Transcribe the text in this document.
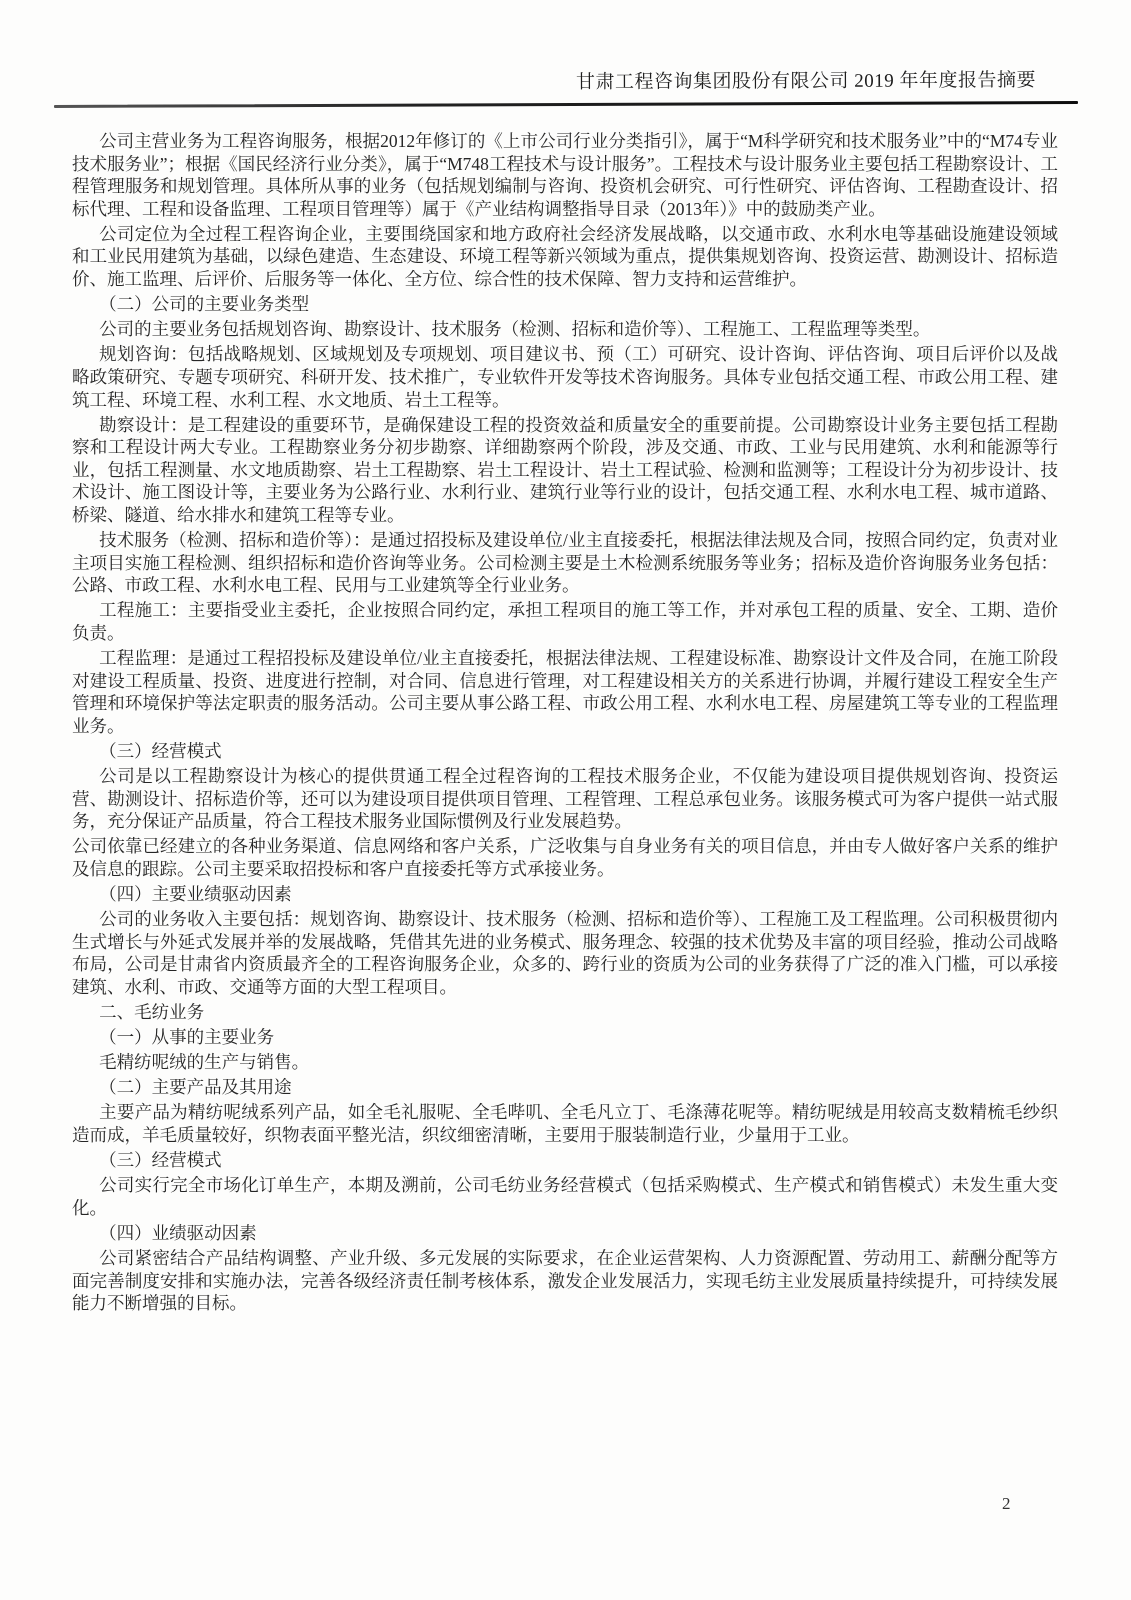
甘肃工程咨询集团股份有限公司 2019 年年度报告摘要

公司主营业务为工程咨询服务，根据2012年修订的《上市公司行业分类指引》，属于“M科学研究和技术服务业”中的“M74专业技术服务业”；根据《国民经济行业分类》，属于“M748工程技术与设计服务”。工程技术与设计服务业主要包括工程勘察设计、工程管理服务和规划管理。具体所从事的业务（包括规划编制与咨询、投资机会研究、可行性研究、评估咨询、工程勘查设计、招标代理、工程和设备监理、工程项目管理等）属于《产业结构调整指导目录（2013年）》中的鼓励类产业。

公司定位为全过程工程咨询企业，主要围绕国家和地方政府社会经济发展战略，以交通市政、水利水电等基础设施建设领域和工业民用建筑为基础，以绿色建造、生态建设、环境工程等新兴领域为重点，提供集规划咨询、投资运营、勘测设计、招标造价、施工监理、后评价、后服务等一体化、全方位、综合性的技术保障、智力支持和运营维护。

（二）公司的主要业务类型

公司的主要业务包括规划咨询、勘察设计、技术服务（检测、招标和造价等）、工程施工、工程监理等类型。

规划咨询：包括战略规划、区域规划及专项规划、项目建议书、预（工）可研究、设计咨询、评估咨询、项目后评价以及战略政策研究、专题专项研究、科研开发、技术推广，专业软件开发等技术咨询服务。具体专业包括交通工程、市政公用工程、建筑工程、环境工程、水利工程、水文地质、岩土工程等。

勘察设计：是工程建设的重要环节，是确保建设工程的投资效益和质量安全的重要前提。公司勘察设计业务主要包括工程勘察和工程设计两大专业。工程勘察业务分初步勘察、详细勘察两个阶段，涉及交通、市政、工业与民用建筑、水利和能源等行业，包括工程测量、水文地质勘察、岩土工程勘察、岩土工程设计、岩土工程试验、检测和监测等；工程设计分为初步设计、技术设计、施工图设计等，主要业务为公路行业、水利行业、建筑行业等行业的设计，包括交通工程、水利水电工程、城市道路、桥梁、隧道、给水排水和建筑工程等专业。

技术服务（检测、招标和造价等）：是通过招投标及建设单位/业主直接委托，根据法律法规及合同，按照合同约定，负责对业主项目实施工程检测、组织招标和造价咨询等业务。公司检测主要是土木检测系统服务等业务；招标及造价咨询服务业务包括：公路、市政工程、水利水电工程、民用与工业建筑等全行业业务。

工程施工：主要指受业主委托，企业按照合同约定，承担工程项目的施工等工作，并对承包工程的质量、安全、工期、造价负责。

工程监理：是通过工程招投标及建设单位/业主直接委托，根据法律法规、工程建设标准、勘察设计文件及合同，在施工阶段对建设工程质量、投资、进度进行控制，对合同、信息进行管理，对工程建设相关方的关系进行协调，并履行建设工程安全生产管理和环境保护等法定职责的服务活动。公司主要从事公路工程、市政公用工程、水利水电工程、房屋建筑工等专业的工程监理业务。

（三）经营模式

公司是以工程勘察设计为核心的提供贯通工程全过程咨询的工程技术服务企业，不仅能为建设项目提供规划咨询、投资运营、勘测设计、招标造价等，还可以为建设项目提供项目管理、工程管理、工程总承包业务。该服务模式可为客户提供一站式服务，充分保证产品质量，符合工程技术服务业国际惯例及行业发展趋势。

公司依靠已经建立的各种业务渠道、信息网络和客户关系，广泛收集与自身业务有关的项目信息，并由专人做好客户关系的维护及信息的跟踪。公司主要采取招投标和客户直接委托等方式承接业务。

（四）主要业绩驱动因素

公司的业务收入主要包括：规划咨询、勘察设计、技术服务（检测、招标和造价等）、工程施工及工程监理。公司积极贯彻内生式增长与外延式发展并举的发展战略，凭借其先进的业务模式、服务理念、较强的技术优势及丰富的项目经验，推动公司战略布局，公司是甘肃省内资质最齐全的工程咨询服务企业，众多的、跨行业的资质为公司的业务获得了广泛的准入门槛，可以承接建筑、水利、市政、交通等方面的大型工程项目。

二、毛纺业务

（一）从事的主要业务

毛精纺呢绒的生产与销售。

（二）主要产品及其用途

主要产品为精纺呢绒系列产品，如全毛礼服呢、全毛哔叽、全毛凡立丁、毛涤薄花呢等。精纺呢绒是用较高支数精梳毛纱织造而成，羊毛质量较好，织物表面平整光洁，织纹细密清晰，主要用于服装制造行业，少量用于工业。

（三）经营模式

公司实行完全市场化订单生产，本期及溯前，公司毛纺业务经营模式（包括采购模式、生产模式和销售模式）未发生重大变化。

（四）业绩驱动因素

公司紧密结合产品结构调整、产业升级、多元发展的实际要求，在企业运营架构、人力资源配置、劳动用工、薪酬分配等方面完善制度安排和实施办法，完善各级经济责任制考核体系，激发企业发展活力，实现毛纺主业发展质量持续提升，可持续发展能力不断增强的目标。

2
